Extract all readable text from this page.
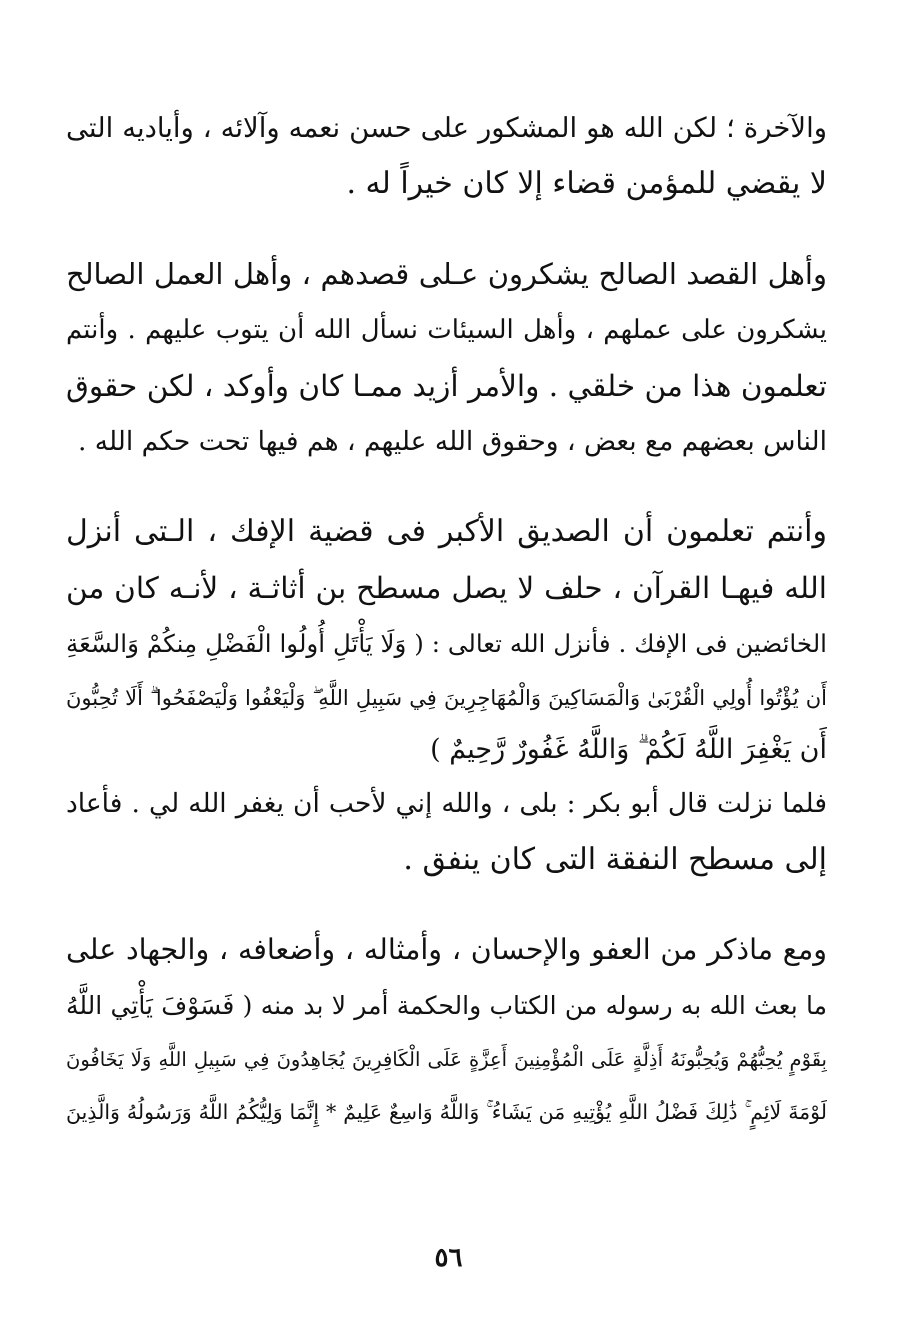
والآخرة ؛ لكن الله هو المشكور على حسن نعمه وآلائه ، وأياديه التى
لا يقضي للمؤمن قضاء إلا كان خيراً له .
وأهل القصد الصالح يشكرون عـلى قصدهم ، وأهل العمل الصالح
يشكرون على عملهم ، وأهل السيئات نسأل الله أن يتوب عليهم . وأنتم
تعلمون هذا من خلقي . والأمر أزيد ممـا كان وأوكد ، لكن حقوق
الناس بعضهم مع بعض ، وحقوق الله عليهم ، هم فيها تحت حكم الله .
وأنتم تعلمون أن الصديق الأكبر فى قضية الإفك ، الـتى أنزل
الله فيهـا القرآن ، حلف لا يصل مسطح بن أثاثـة ، لأنـه كان من
الخائضين فى الإفك . فأنزل الله تعالى : ( وَلَا يَأْتَلِ أُولُوا الْفَضْلِ مِنكُمْ وَالسَّعَةِ
أَن يُؤْتُوا أُولِي الْقُرْبَىٰ وَالْمَسَاكِينَ وَالْمُهَاجِرِينَ فِي سَبِيلِ اللَّهِ ۖ وَلْيَعْفُوا وَلْيَصْفَحُوا ۗ أَلَا تُحِبُّونَ
أَن يَغْفِرَ اللَّهُ لَكُمْ ۗ وَاللَّهُ غَفُورٌ رَّحِيمٌ )
فلما نزلت قال أبو بكر : بلى ، والله إني لأحب أن يغفر الله لي . فأعاد
إلى مسطح النفقة التى كان ينفق .
ومع ماذكر من العفو والإحسان ، وأمثاله ، وأضعافه ، والجهاد على
ما بعث الله به رسوله من الكتاب والحكمة أمر لا بد منه ( فَسَوْفَ يَأْتِي اللَّهُ
بِقَوْمٍ يُحِبُّهُمْ وَيُحِبُّونَهُ أَذِلَّةٍ عَلَى الْمُؤْمِنِينَ أَعِزَّةٍ عَلَى الْكَافِرِينَ يُجَاهِدُونَ فِي سَبِيلِ اللَّهِ وَلَا يَخَافُونَ
لَوْمَةَ لَائِمٍ ۚ ذَٰلِكَ فَضْلُ اللَّهِ يُؤْتِيهِ مَن يَشَاءُ ۚ وَاللَّهُ وَاسِعٌ عَلِيمٌ * إِنَّمَا وَلِيُّكُمُ اللَّهُ وَرَسُولُهُ وَالَّذِينَ
٥٦
